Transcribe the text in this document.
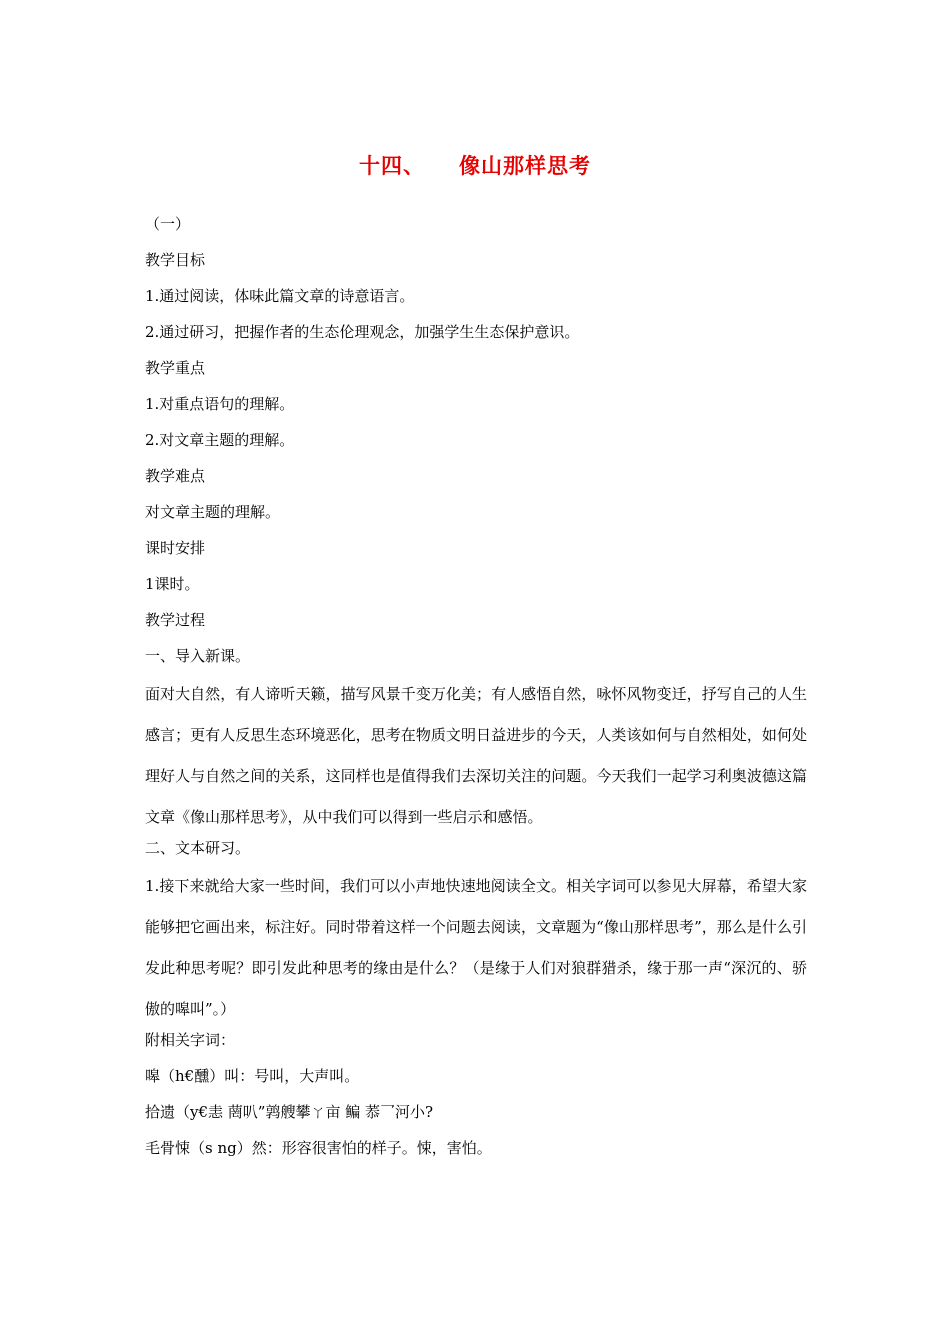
十四、 像山那样思考
（一）
教学目标
1.通过阅读，体味此篇文章的诗意语言。
2.通过研习，把握作者的生态伦理观念，加强学生生态保护意识。
教学重点
1.对重点语句的理解。
2.对文章主题的理解。
教学难点
对文章主题的理解。
课时安排
1课时。
教学过程
一、导入新课。
面对大自然，有人谛听天籁，描写风景千变万化美；有人感悟自然，咏怀风物变迁，抒写自己的人生感言；更有人反思生态环境恶化，思考在物质文明日益进步的今天，人类该如何与自然相处，如何处理好人与自然之间的关系，这同样也是值得我们去深切关注的问题。今天我们一起学习利奥波德这篇文章《像山那样思考》，从中我们可以得到一些启示和感悟。
二、文本研习。
1.接下来就给大家一些时间，我们可以小声地快速地阅读全文。相关字词可以参见大屏幕，希望大家能够把它画出来，标注好。同时带着这样一个问题去阅读，文章题为“像山那样思考”，那么是什么引发此种思考呢？即引发此种思考的缘由是什么？（是缘于人们对狼群猎杀，缘于那一声“深沉的、骄傲的嗥叫”。）
附相关字词：
嗥（h€醺）叫：号叫，大声叫。
拾遗（y€恚 菵叭”鹑艘攀ㄚ亩 鳊 菾乛河小?
毛骨悚（s ng）然：形容很害怕的样子。悚，害怕。
